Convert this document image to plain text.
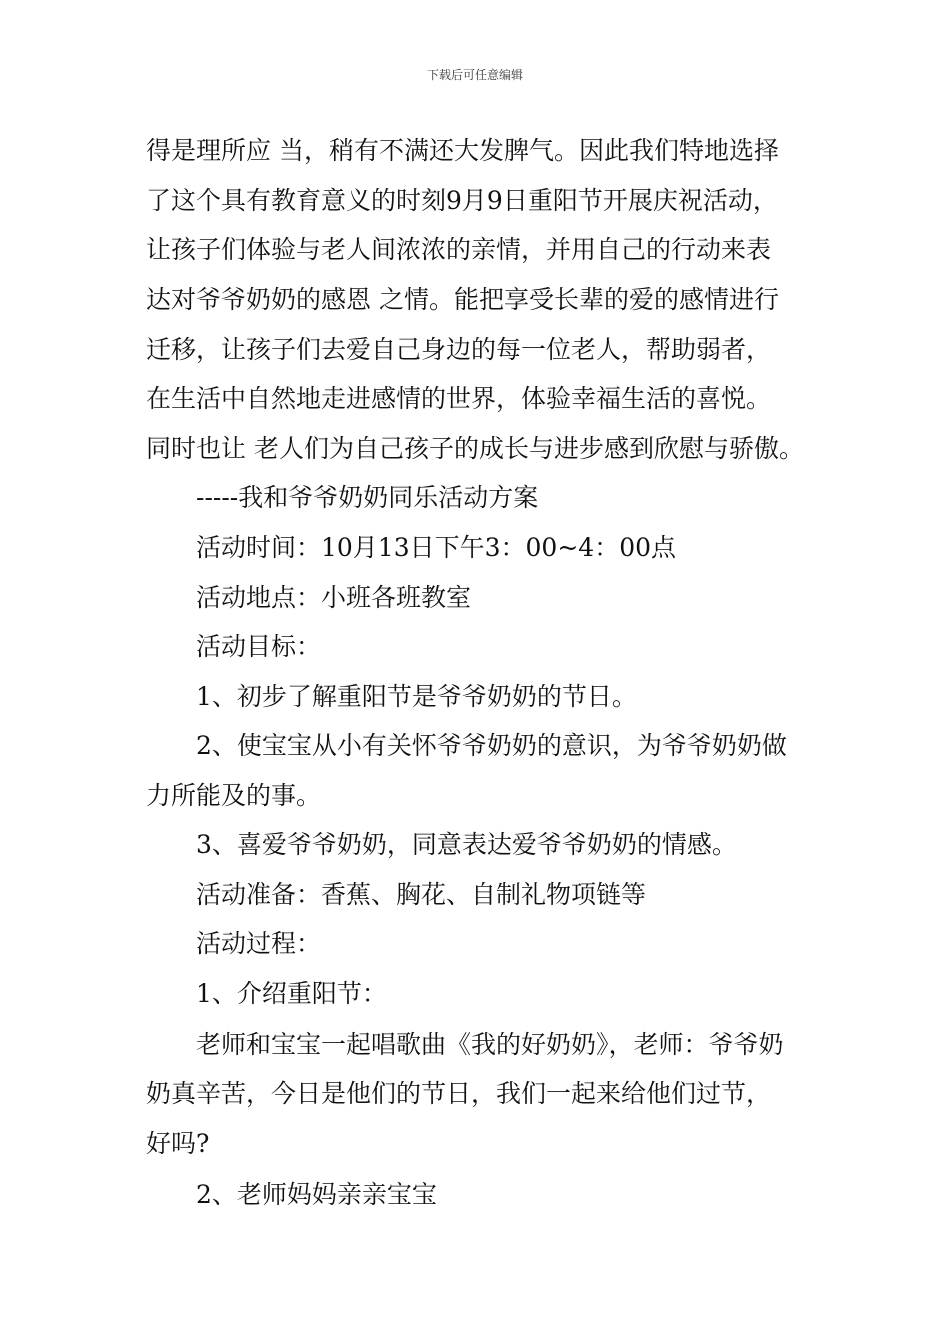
下载后可任意编辑
得是理所应 当，稍有不满还大发脾气。因此我们特地选择
了这个具有教育意义的时刻9月9日重阳节开展庆祝活动，
让孩子们体验与老人间浓浓的亲情，并用自己的行动来表
达对爷爷奶奶的感恩 之情。能把享受长辈的爱的感情进行
迁移，让孩子们去爱自己身边的每一位老人，帮助弱者，
在生活中自然地走进感情的世界，体验幸福生活的喜悦。
同时也让 老人们为自己孩子的成长与进步感到欣慰与骄傲。
-----我和爷爷奶奶同乐活动方案
活动时间：10月13日下午3：00~4：00点
活动地点：小班各班教室
活动目标：
1、初步了解重阳节是爷爷奶奶的节日。
2、使宝宝从小有关怀爷爷奶奶的意识，为爷爷奶奶做
力所能及的事。
3、喜爱爷爷奶奶，同意表达爱爷爷奶奶的情感。
活动准备：香蕉、胸花、自制礼物项链等
活动过程：
1、介绍重阳节：
老师和宝宝一起唱歌曲《我的好奶奶》，老师：爷爷奶
奶真辛苦，今日是他们的节日，我们一起来给他们过节，
好吗?
2、老师妈妈亲亲宝宝
